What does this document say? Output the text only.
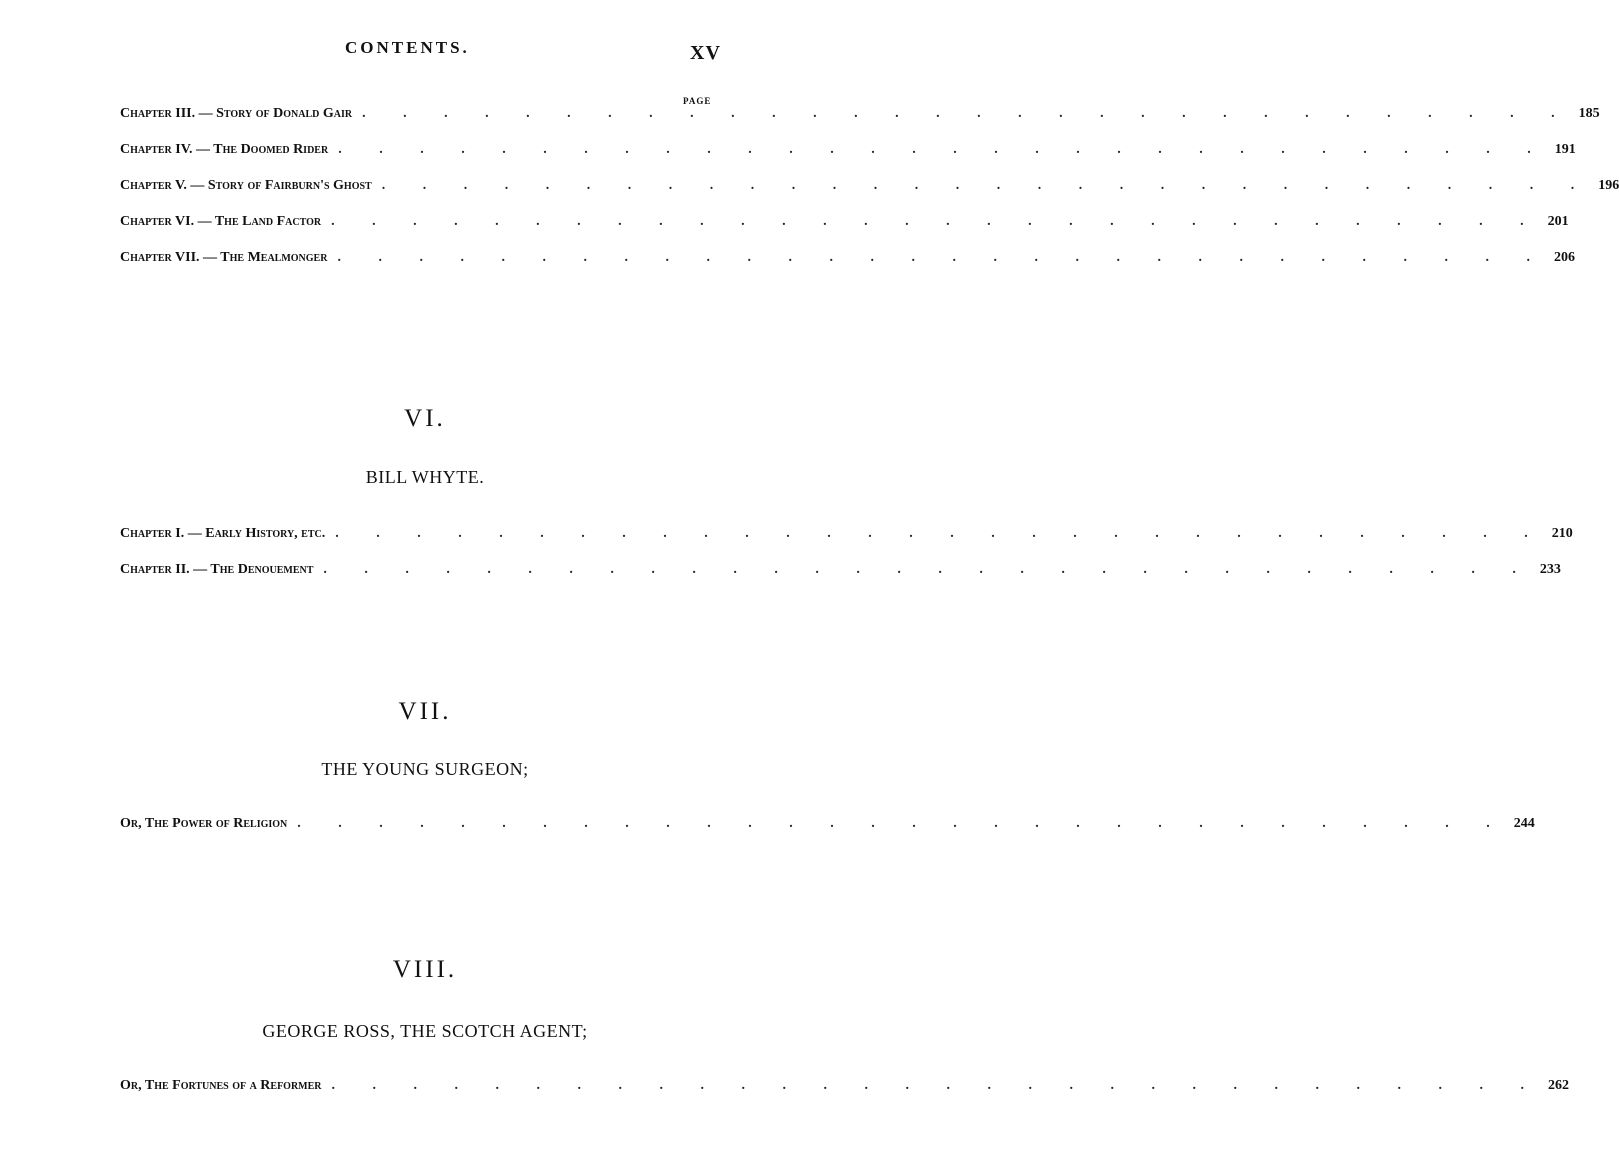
CONTENTS.	XV
PAGE
Chapter III. — Story of Donald Gair . . . . . . . . . . . . . . . . . . . . . . . . . . . . . . 185
Chapter IV. — The Doomed Rider . . . . . . . . . . . . . . . . . . . . . . . . . . . . . . 191
Chapter V. — Story of Fairburn's Ghost . . . . . . . . . . . . . . . . . . . . . . . . . . . . . . 196
Chapter VI. — The Land Factor . . . . . . . . . . . . . . . . . . . . . . . . . . . . . . 201
Chapter VII. — The Mealmonger . . . . . . . . . . . . . . . . . . . . . . . . . . . . . . 206
VI.
BILL WHYTE.
Chapter I. — Early History, etc. . . . . . . . . . . . . . . . . . . . . . . . . . . . . . . 210
Chapter II. — The Denouement . . . . . . . . . . . . . . . . . . . . . . . . . . . . . . 233
VII.
THE YOUNG SURGEON;
Or, The Power of Religion . . . . . . . . . . . . . . . . . . . . . . . . . . . . . . 244
VIII.
GEORGE ROSS, THE SCOTCH AGENT;
Or, The Fortunes of a Reformer . . . . . . . . . . . . . . . . . . . . . . . . . . . . . . 262
